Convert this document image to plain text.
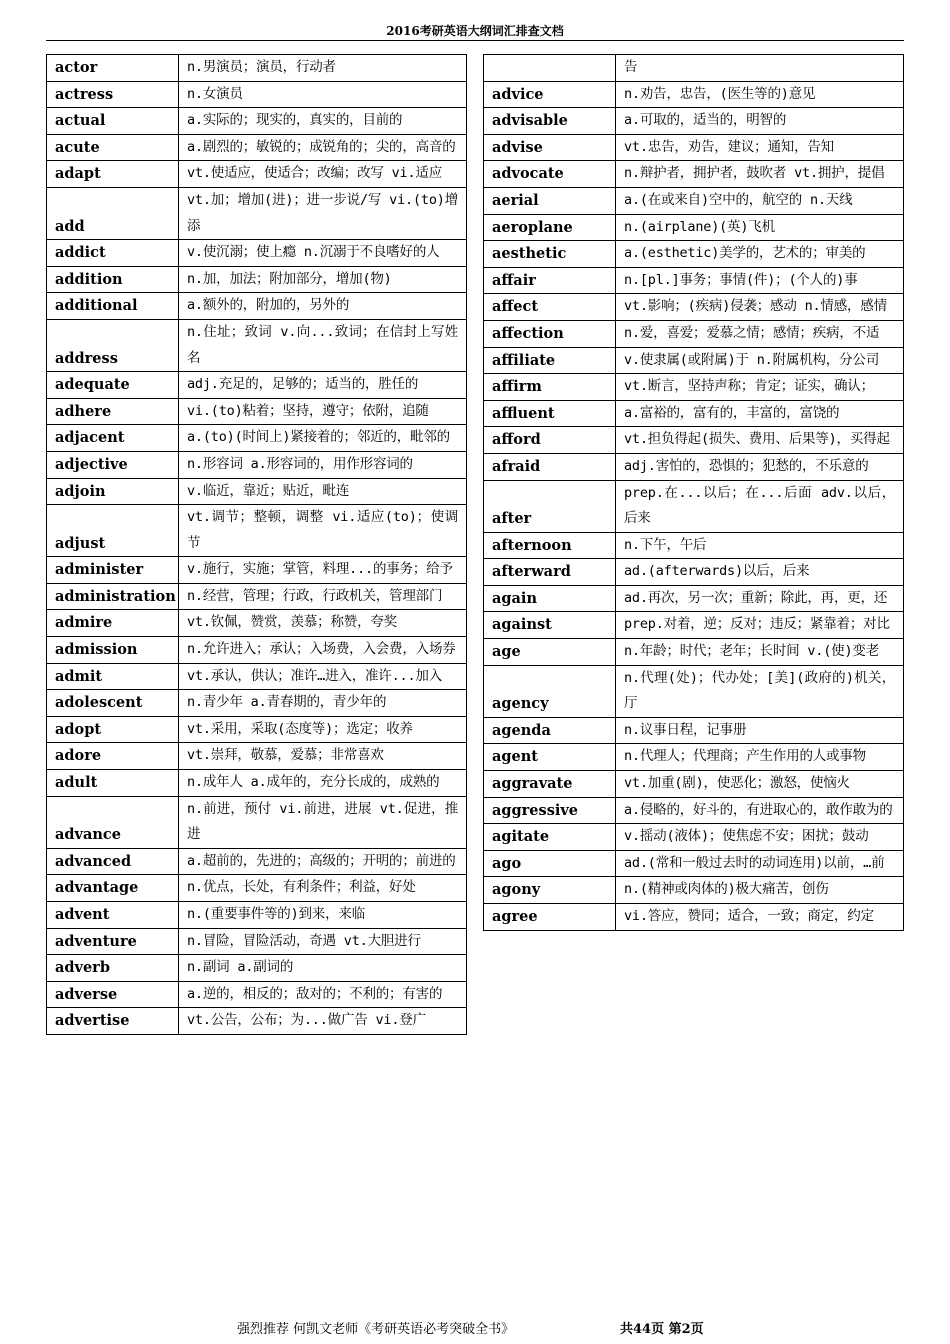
2016考研英语大纲词汇排查文档
actor	n.男演员；演员，行动者
actress	n.女演员
actual	a.实际的；现实的，真实的，目前的
acute	a.剧烈的；敏锐的；成锐角的；尖的，高音的
adapt	vt.使适应，使适合；改编；改写 vi.适应
add	vt.加；增加(进)；进一步说/写 vi.(to)增添
addict	v.使沉溺；使上瘾 n.沉溺于不良嗜好的人
addition	n.加，加法；附加部分，增加(物)
additional	a.额外的，附加的，另外的
address	n.住址；致词 v.向...致词；在信封上写姓名
adequate	adj.充足的，足够的；适当的，胜任的
adhere	vi.(to)粘着；坚持，遵守；依附，追随
adjacent	a.(to)(时间上)紧接着的；邻近的，毗邻的
adjective	n.形容词 a.形容词的，用作形容词的
adjoin	v.临近，靠近；贴近，毗连
adjust	vt.调节；整顿，调整 vi.适应(to)；使调节
administer	v.施行，实施；掌管，料理...的事务；给予
administration	n.经营，管理；行政，行政机关，管理部门
admire	vt.钦佩，赞赏，羡慕；称赞，夸奖
admission	n.允许进入；承认；入场费，入会费，入场券
admit	vt.承认，供认；准许…进入，准许...加入
adolescent	n.青少年 a.青春期的，青少年的
adopt	vt.采用，采取(态度等)；选定；收养
adore	vt.崇拜，敬慕，爱慕；非常喜欢
adult	n.成年人 a.成年的，充分长成的，成熟的
advance	n.前进，预付 vi.前进，进展 vt.促进，推进
advanced	a.超前的，先进的；高级的；开明的；前进的
advantage	n.优点，长处，有利条件；利益，好处
advent	n.(重要事件等的)到来，来临
adventure	n.冒险，冒险活动，奇遇 vt.大胆进行
adverb	n.副词 a.副词的
adverse	a.逆的，相反的；敌对的；不利的；有害的
advertise	vt.公告，公布；为...做广告 vi.登广
	告
advice	n.劝告，忠告，(医生等的)意见
advisable	a.可取的，适当的，明智的
advise	vt.忠告，劝告，建议；通知，告知
advocate	n.辩护者，拥护者，鼓吹者 vt.拥护，提倡
aerial	a.(在或来自)空中的，航空的 n.天线
aeroplane	n.(airplane)(英)飞机
aesthetic	a.(esthetic)美学的，艺术的；审美的
affair	n.[pl.]事务；事情(件)；(个人的)事
affect	vt.影响；(疾病)侵袭；感动 n.情感，感情
affection	n.爱，喜爱；爱慕之情；感情；疾病，不适
affiliate	v.使隶属(或附属)于 n.附属机构，分公司
affirm	vt.断言，坚持声称；肯定；证实，确认；
affluent	a.富裕的，富有的，丰富的，富饶的
afford	vt.担负得起(损失、费用、后果等)，买得起
afraid	adj.害怕的，恐惧的；犯愁的，不乐意的
after	prep.在...以后；在...后面 adv.以后，后来
afternoon	n.下午，午后
afterward	ad.(afterwards)以后，后来
again	ad.再次，另一次；重新；除此，再，更，还
against	prep.对着，逆；反对；违反；紧靠着；对比
age	n.年龄；时代；老年；长时间 v.(使)变老
agency	n.代理(处)；代办处；[美](政府的)机关，厅
agenda	n.议事日程，记事册
agent	n.代理人；代理商；产生作用的人或事物
aggravate	vt.加重(剧)，使恶化；激怒，使恼火
aggressive	a.侵略的，好斗的，有进取心的，敢作敢为的
agitate	v.摇动(液体)；使焦虑不安；困扰；鼓动
ago	ad.(常和一般过去时的动词连用)以前，…前
agony	n.(精神或肉体的)极大痛苦，创伤
agree	vi.答应，赞同；适合，一致；商定，约定
强烈推荐 何凯文老师《考研英语必考突破全书》	共44页 第2页
